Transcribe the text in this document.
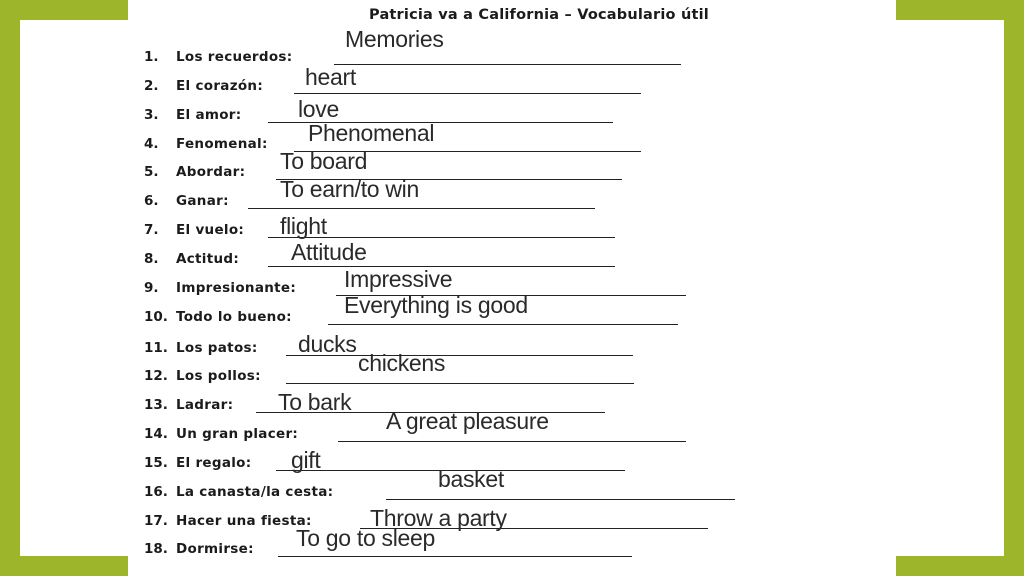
Patricia va a California – Vocabulario útil
1.	Los recuerdos:
Memories
2.	El corazón: heart
3.	El amor: love
4.	Fenomenal: Phenomenal
5.	Abordar: To board
6.	Ganar: To earn/to win
7.	El vuelo: flight
8.	Actitud: Attitude
9.	Impresionante: Impressive
10. Todo lo bueno: Everything is good
11. Los patos: ducks
12. Los pollos:	chickens
13. Ladrar: To bark
14. Un gran placer:	A great pleasure
15. El regalo: gift
16. La canasta/la cesta:	basket
17. Hacer una fiesta:	Throw a party
18. Dormirse: To go to sleep
